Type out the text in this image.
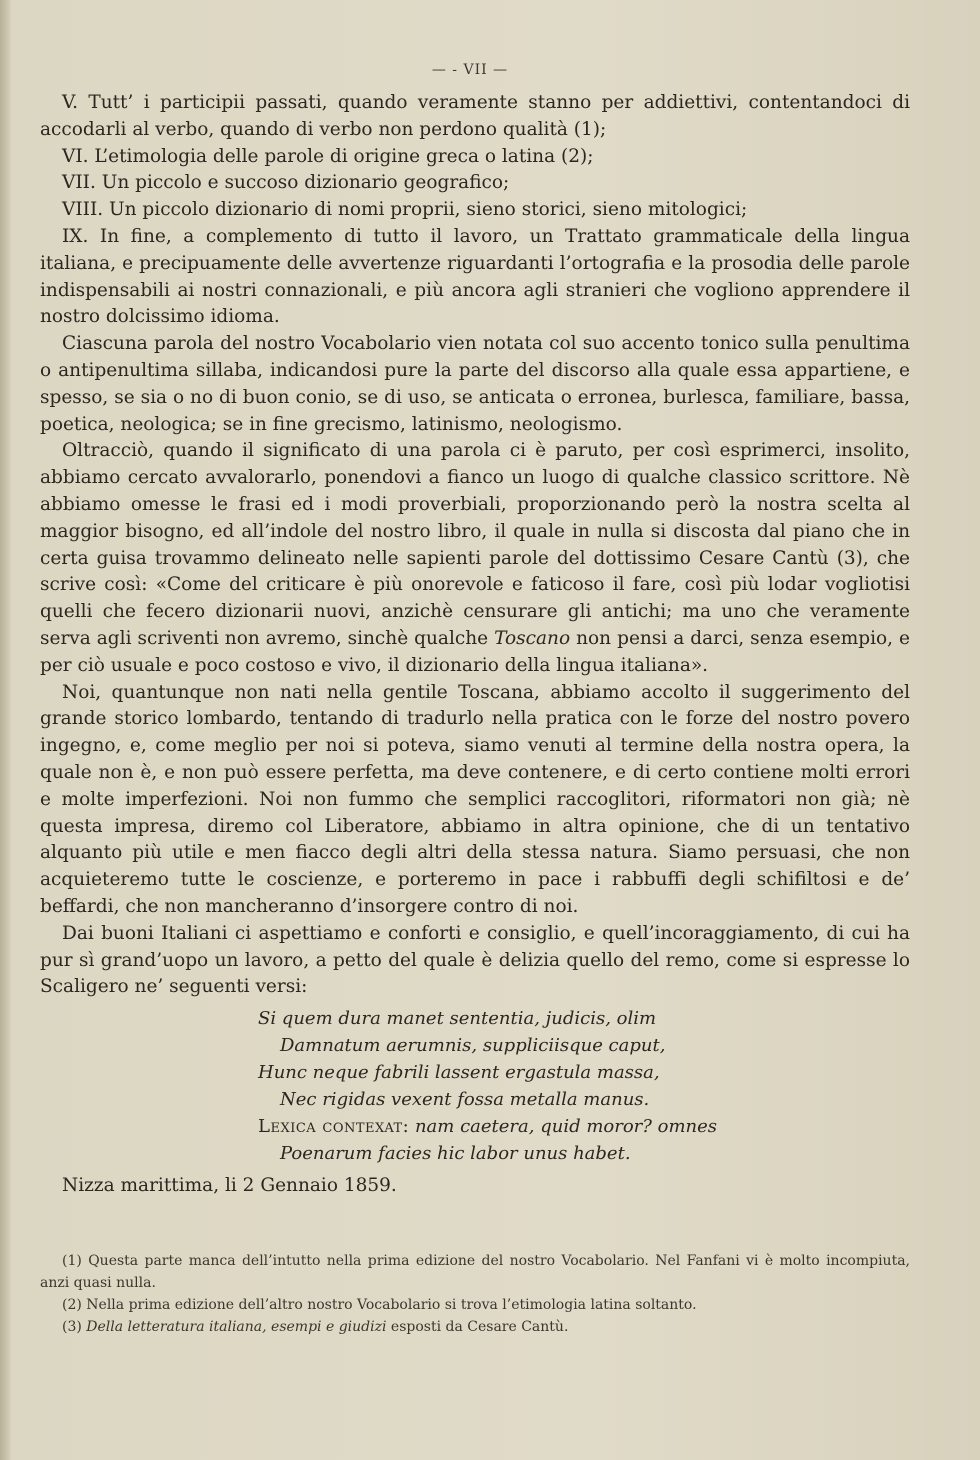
— - VII —

V. Tutt’ i participii passati, quando veramente stanno per addiettivi, contentandoci di accodarli al verbo, quando di verbo non perdono qualità (1);

VI. L’etimologia delle parole di origine greca o latina (2);

VII. Un piccolo e succoso dizionario geografico;

VIII. Un piccolo dizionario di nomi proprii, sieno storici, sieno mitologici;

IX. In fine, a complemento di tutto il lavoro, un Trattato grammaticale della lingua italiana, e precipuamente delle avvertenze riguardanti l’ortografia e la prosodia delle parole indispensabili ai nostri connazionali, e più ancora agli stranieri che vogliono apprendere il nostro dolcissimo idioma.

Ciascuna parola del nostro Vocabolario vien notata col suo accento tonico sulla penultima o antipenultima sillaba, indicandosi pure la parte del discorso alla quale essa appartiene, e spesso, se sia o no di buon conio, se di uso, se anticata o erronea, burlesca, familiare, bassa, poetica, neologica; se in fine grecismo, latinismo, neologismo.

Oltracciò, quando il significato di una parola ci è paruto, per così esprimerci, insolito, abbiamo cercato avvalorarlo, ponendovi a fianco un luogo di qualche classico scrittore. Nè abbiamo omesse le frasi ed i modi proverbiali, proporzionando però la nostra scelta al maggior bisogno, ed all’indole del nostro libro, il quale in nulla si discosta dal piano che in certa guisa trovammo delineato nelle sapienti parole del dottissimo Cesare Cantù (3), che scrive così: «Come del criticare è più onorevole e faticoso il fare, così più lodar vogliotisi quelli che fecero dizionarii nuovi, anzichè censurare gli antichi; ma uno che veramente serva agli scriventi non avremo, sinchè qualche Toscano non pensi a darci, senza esempio, e per ciò usuale e poco costoso e vivo, il dizionario della lingua italiana».

Noi, quantunque non nati nella gentile Toscana, abbiamo accolto il suggerimento del grande storico lombardo, tentando di tradurlo nella pratica con le forze del nostro povero ingegno, e, come meglio per noi si poteva, siamo venuti al termine della nostra opera, la quale non è, e non può essere perfetta, ma deve contenere, e di certo contiene molti errori e molte imperfezioni. Noi non fummo che semplici raccoglitori, riformatori non già; nè questa impresa, diremo col Liberatore, abbiamo in altra opinione, che di un tentativo alquanto più utile e men fiacco degli altri della stessa natura. Siamo persuasi, che non acquieteremo tutte le coscienze, e porteremo in pace i rabbuffi degli schifiltosi e de’ beffardi, che non mancheranno d’insorgere contro di noi.

Dai buoni Italiani ci aspettiamo e conforti e consiglio, e quell’incoraggiamento, di cui ha pur sì grand’uopo un lavoro, a petto del quale è delizia quello del remo, come si espresse lo Scaligero ne’ seguenti versi:

Si quem dura manet sententia, judicis, olim
Damnatum aerumnis, suppliciisque caput,
Hunc neque fabrili lassent ergastula massa,
Nec rigidas vexent fossa metalla manus.
Lexica contexat: nam caetera, quid moror? omnes
Poenarum facies hic labor unus habet.

Nizza marittima, li 2 Gennaio 1859.

(1) Questa parte manca dell’intutto nella prima edizione del nostro Vocabolario. Nel Fanfani vi è molto incompiuta, anzi quasi nulla.

(2) Nella prima edizione dell’altro nostro Vocabolario si trova l’etimologia latina soltanto.

(3) Della letteratura italiana, esempi e giudizi esposti da Cesare Cantù.
